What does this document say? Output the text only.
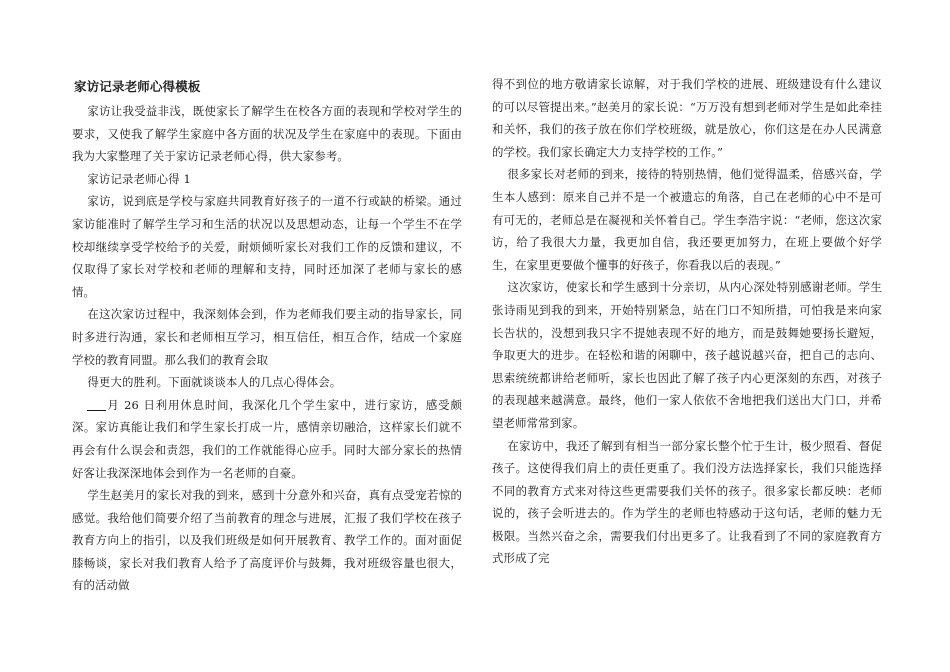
家访记录老师心得模板

家访让我受益非浅，既使家长了解学生在校各方面的表现和学校对学生的要求，又使我了解学生家庭中各方面的状况及学生在家庭中的表现。下面由我为大家整理了关于家访记录老师心得，供大家参考。

家访记录老师心得 1

家访，说到底是学校与家庭共同教育好孩子的一道不行或缺的桥梁。通过家访能准时了解学生学习和生活的状况以及思想动态，让每一个学生不在学校却继续享受学校给予的关爱，耐烦倾听家长对我们工作的反馈和建议，不仅取得了家长对学校和老师的理解和支持，同时还加深了老师与家长的感情。

在这次家访过程中，我深刻体会到，作为老师我们要主动的指导家长，同时多进行沟通，家长和老师相互学习，相互信任，相互合作，结成一个家庭学校的教育同盟。那么我们的教育会取

得更大的胜利。下面就谈谈本人的几点心得体会。

月 26 日利用休息时间，我深化几个学生家中，进行家访，感受颇深。家访真能让我们和学生家长打成一片，感情亲切融洽，这样家长们就不再会有什么误会和责怨，我们的工作就能得心应手。同时大部分家长的热情好客让我深深地体会到作为一名老师的自豪。

学生赵美月的家长对我的到来，感到十分意外和兴奋，真有点受宠若惊的感觉。我给他们简要介绍了当前教育的理念与进展，汇报了我们学校在孩子教育方向上的指引，以及我们班级是如何开展教育、教学工作的。面对面促膝畅谈，家长对我们教育人给予了高度评价与鼓舞，我对班级容量也很大， 有的活动做

得不到位的地方敬请家长谅解，对于我们学校的进展、班级建设有什么建议的可以尽管提出来。”赵美月的家长说：“万万没有想到老师对学生是如此牵挂和关怀，我们的孩子放在你们学校班级，就是放心，你们这是在办人民满意的学校。我们家长确定大力支持学校的工作。”

很多家长对老师的到来，接待的特别热情，他们觉得温柔，倍感兴奋，学生本人感到：原来自己并不是一个被遗忘的角落，自己在老师的心中不是可有可无的，老师总是在凝视和关怀着自己。学生李浩宇说：“老师，您这次家访，给了我很大力量，我更加自信，我还要更加努力，在班上要做个好学生，在家里更要做个懂事的好孩子，你看我以后的表现。”

这次家访，使家长和学生感到十分亲切，从内心深处特别感谢老师。学生张诗雨见到我的到来，开始特别紧急，站在门口不知所措，可怕我是来向家长告状的，没想到我只字不提她表现不好的地方，而是鼓舞她要扬长避短，争取更大的进步。在轻松和谐的闲聊中，孩子越说越兴奋，把自己的志向、思索统统都讲给老师听，家长也因此了解了孩子内心更深刻的东西，对孩子的表现越来越满意。最终，他们一家人依依不舍地把我们送出大门口，并希望老师常常到家。

在家访中，我还了解到有相当一部分家长整个忙于生计，极少照看、督促孩子。这使得我们肩上的责任更重了。我们没方法选择家长，我们只能选择不同的教育方式来对待这些更需要我们关怀的孩子。很多家长都反映：老师说的，孩子会听进去的。作为学生的老师也特感动于这句话，老师的魅力无极限。当然兴奋之余，需要我们付出更多了。让我看到了不同的家庭教育方式形成了完
